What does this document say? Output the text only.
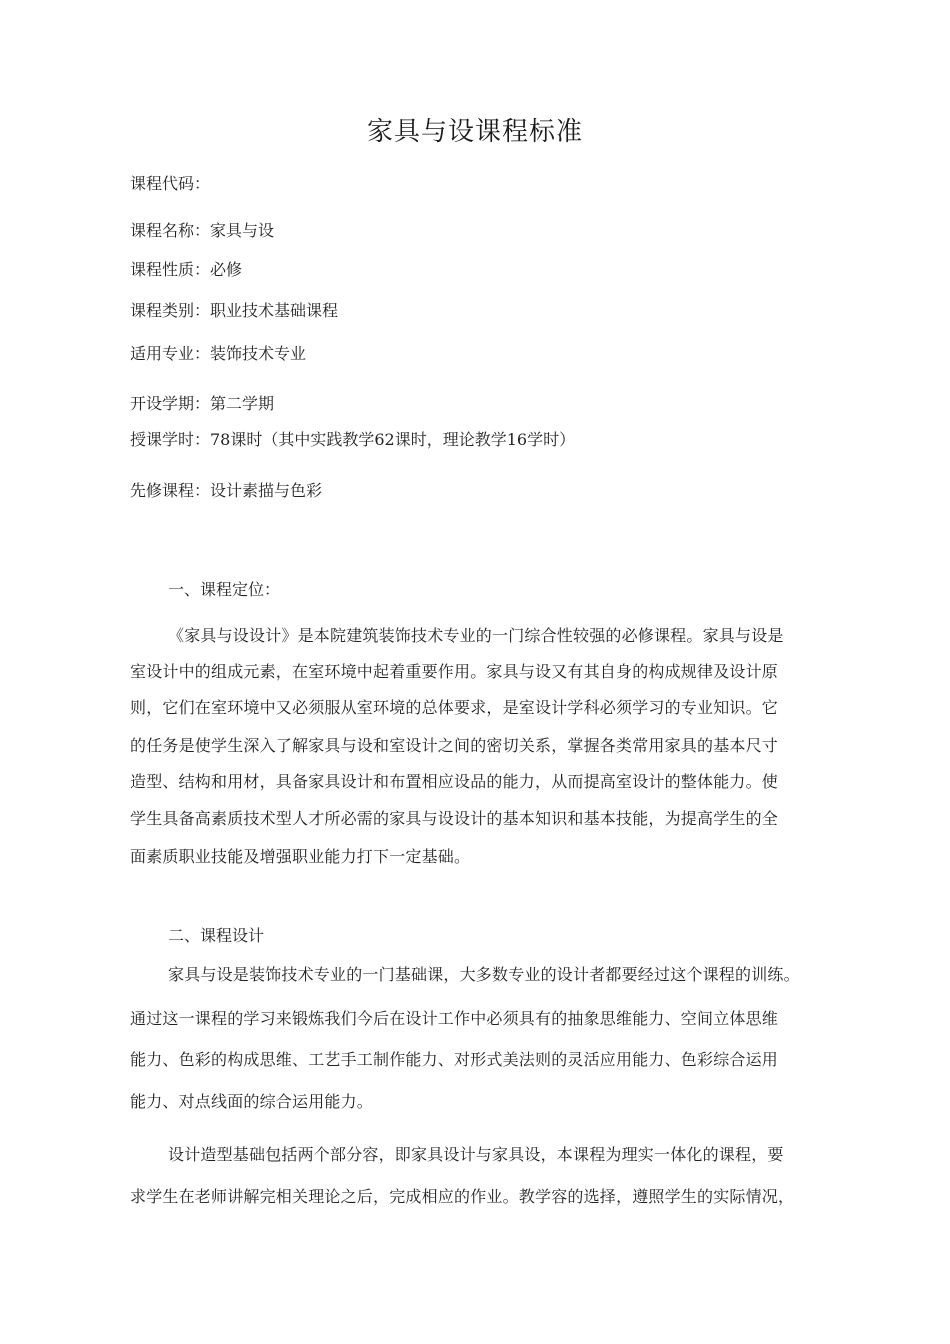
家具与设课程标准
课程代码：
课程名称：家具与设
课程性质：必修
课程类别：职业技术基础课程
适用专业：装饰技术专业
开设学期：第二学期
授课学时：78课时（其中实践教学62课时，理论教学16学时）
先修课程：设计素描与色彩
一、课程定位：
《家具与设设计》是本院建筑装饰技术专业的一门综合性较强的必修课程。家具与设是
室设计中的组成元素，在室环境中起着重要作用。家具与设又有其自身的构成规律及设计原
则，它们在室环境中又必须服从室环境的总体要求，是室设计学科必须学习的专业知识。它
的任务是使学生深入了解家具与设和室设计之间的密切关系，掌握各类常用家具的基本尺寸
造型、结构和用材，具备家具设计和布置相应设品的能力，从而提高室设计的整体能力。使
学生具备高素质技术型人才所必需的家具与设设计的基本知识和基本技能，为提高学生的全
面素质职业技能及增强职业能力打下一定基础。
二、课程设计
家具与设是装饰技术专业的一门基础课，大多数专业的设计者都要经过这个课程的训练。
通过这一课程的学习来锻炼我们今后在设计工作中必须具有的抽象思维能力、空间立体思维
能力、色彩的构成思维、工艺手工制作能力、对形式美法则的灵活应用能力、色彩综合运用
能力、对点线面的综合运用能力。
设计造型基础包括两个部分容，即家具设计与家具设，本课程为理实一体化的课程，要
求学生在老师讲解完相关理论之后，完成相应的作业。教学容的选择，遵照学生的实际情况，
